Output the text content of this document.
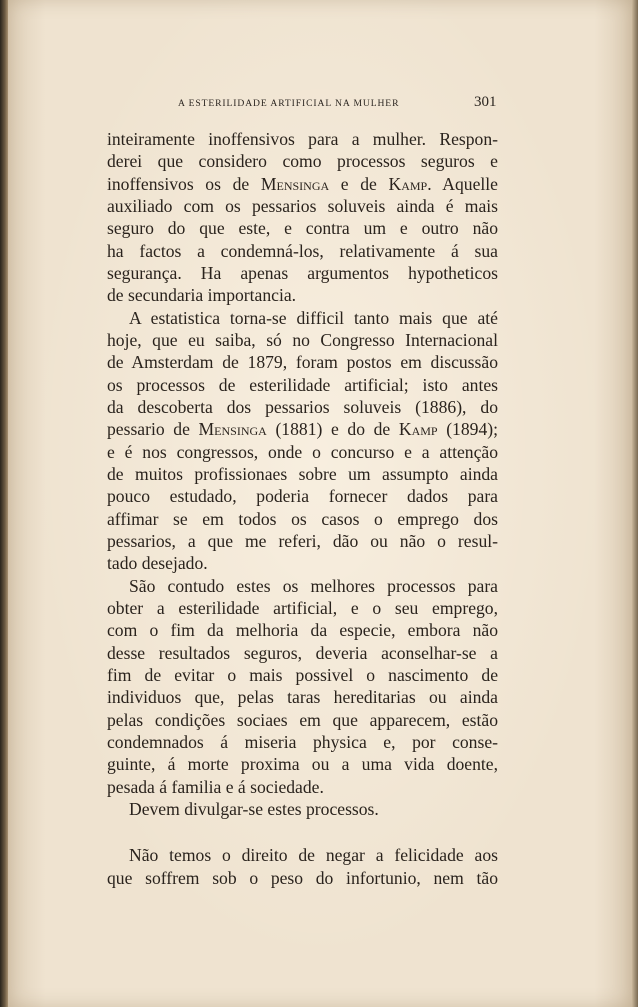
A ESTERILIDADE ARTIFICIAL NA MULHER	301
inteiramente inoffensivos para a mulher. Respon-
derei que considero como processos seguros e
inoffensivos os de Mensinga e de Kamp. Aquelle
auxiliado com os pessarios soluveis ainda é mais
seguro do que este, e contra um e outro não
ha factos a condemná-los, relativamente á sua
segurança. Ha apenas argumentos hypotheticos
de secundaria importancia.
A estatistica torna-se difficil tanto mais que até
hoje, que eu saiba, só no Congresso Internacional
de Amsterdam de 1879, foram postos em discussão
os processos de esterilidade artificial; isto antes
da descoberta dos pessarios soluveis (1886), do
pessario de Mensinga (1881) e do de Kamp (1894);
e é nos congressos, onde o concurso e a attenção
de muitos profissionaes sobre um assumpto ainda
pouco estudado, poderia fornecer dados para
affimar se em todos os casos o emprego dos
pessarios, a que me referi, dão ou não o resul-
tado desejado.
São contudo estes os melhores processos para
obter a esterilidade artificial, e o seu emprego,
com o fim da melhoria da especie, embora não
desse resultados seguros, deveria aconselhar-se a
fim de evitar o mais possivel o nascimento de
individuos que, pelas taras hereditarias ou ainda
pelas condições sociaes em que apparecem, estão
condemnados á miseria physica e, por conse-
guinte, á morte proxima ou a uma vida doente,
pesada á familia e á sociedade.
Devem divulgar-se estes processos.
Não temos o direito de negar a felicidade aos
que soffrem sob o peso do infortunio, nem tão
